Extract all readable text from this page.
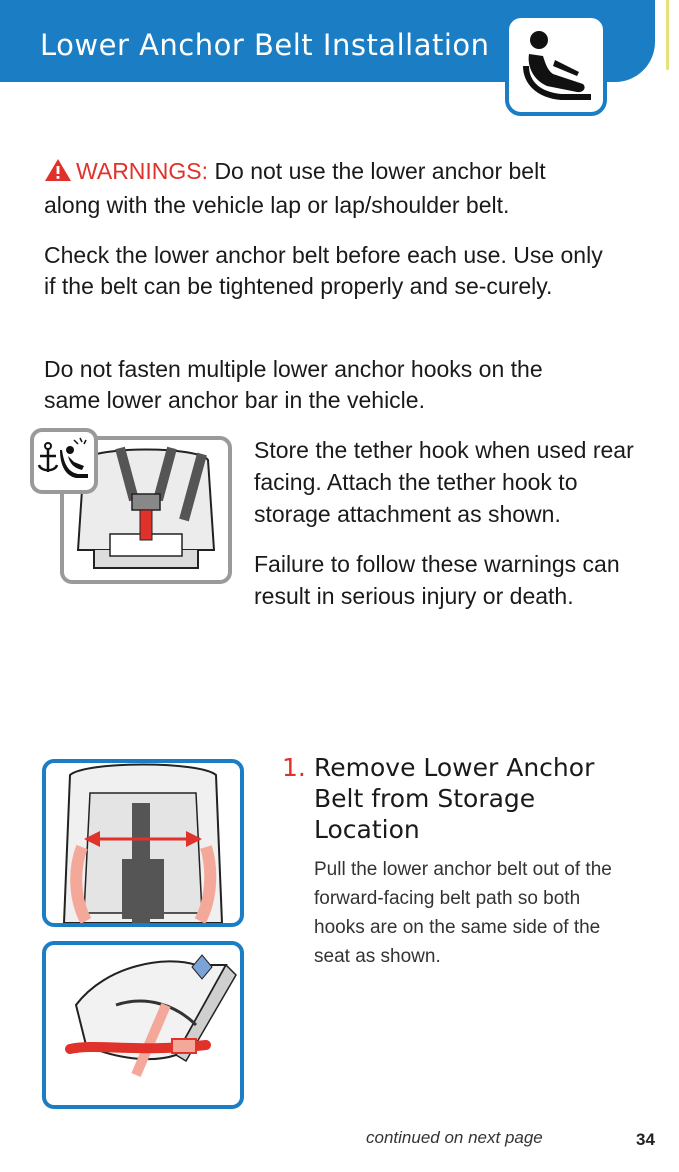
Lower Anchor Belt Installation
WARNINGS: Do not use the lower anchor belt along with the vehicle lap or lap/shoulder belt.
Check the lower anchor belt before each use. Use only if the belt can be tightened properly and se-curely.
Do not fasten multiple lower anchor hooks on the same lower anchor bar in the vehicle.
Store the tether hook when used rear facing. Attach the tether hook to storage attachment as shown.
Failure to follow these warnings can result in serious injury or death.
1. Remove Lower Anchor Belt from Storage Location
Pull the lower anchor belt out of the forward-facing belt path so both hooks are on the same side of the seat as shown.
continued on next page	34
